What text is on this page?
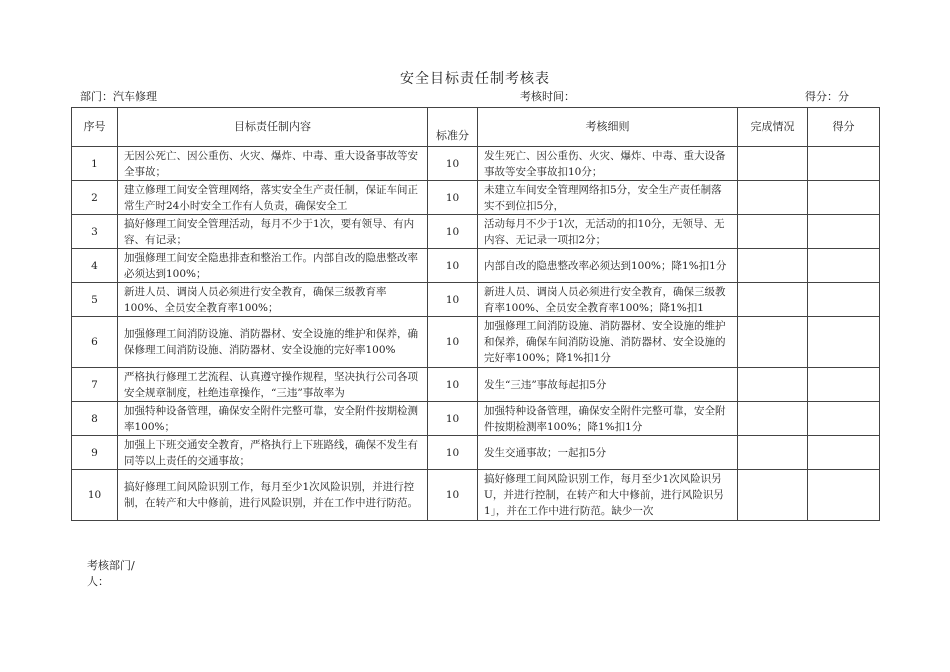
安全目标责任制考核表
部门：汽车修理	考核时间：	得分：分
序号	目标责任制内容	标准分	考核细则	完成情况	得分
1	无因公死亡、因公重伤、火灾、爆炸、中毒、重大设备事故等安全事故；	10	发生死亡、因公重伤、火灾、爆炸、中毒、重大设备事故等安全事故扣10分；		
2	建立修理工间安全管理网络，落实安全生产责任制，保证车间正常生产时24小时安全工作有人负责，确保安全工	10	未建立车间安全管理网络扣5分，安全生产责任制落实不到位扣5分，		
3	搞好修理工间安全管理活动，每月不少于1次，要有领导、有内容、有记录；	10	活动每月不少于1次，无活动的扣10分，无领导、无内容、无记录一项扣2分；		
4	加强修理工间安全隐患排查和整治工作。内部自改的隐患整改率必须达到100%；	10	内部自改的隐患整改率必须达到100%；降1%扣1分		
5	新进人员、调岗人员必须进行安全教育，确保三级教育率100%、全员安全教育率100%；	10	新进人员、调岗人员必须进行安全教育，确保三级教育率100%、全员安全教育率100%；降1%扣1		
6	加强修理工间消防设施、消防器材、安全设施的维护和保养，确保修理工间消防设施、消防器材、安全设施的完好率100%	10	加强修理工间消防设施、消防器材、安全设施的维护和保养，确保车间消防设施、消防器材、安全设施的完好率100%；降1%扣1分		
7	严格执行修理工艺流程、认真遵守操作规程，坚决执行公司各项安全规章制度，杜绝违章操作，“三违”事故率为	10	发生“三违”事故每起扣5分		
8	加强特种设备管理，确保安全附件完整可靠，安全附件按期检测率100%；	10	加强特种设备管理，确保安全附件完整可靠，安全附件按期检测率100%；降1%扣1分		
9	加强上下班交通安全教育，严格执行上下班路线，确保不发生有同等以上责任的交通事故；	10	发生交通事故；一起扣5分		
10	搞好修理工间风险识别工作，每月至少1次风险识别，并进行控制，在转产和大中修前，进行风险识别，并在工作中进行防范。	10	搞好修理工间风险识别工作，每月至少1次风险识另U，并进行控制，在转产和大中修前，进行风险识另1」，并在工作中进行防范。缺少一次		
考核部门/
人：
